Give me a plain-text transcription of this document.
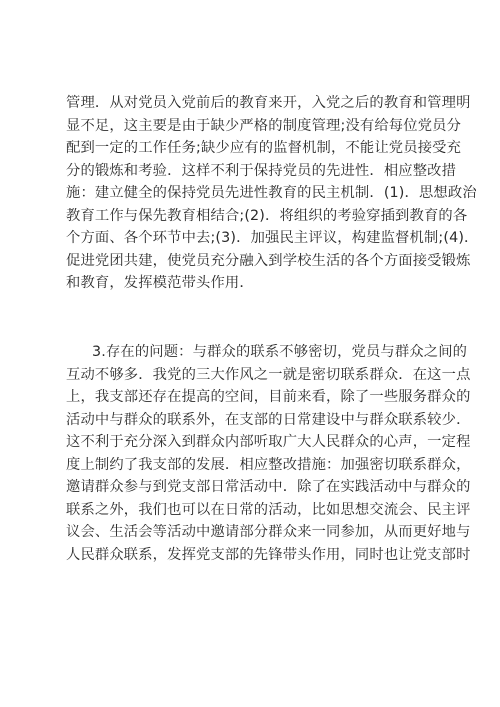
管理．从对党员入党前后的教育来开，入党之后的教育和管理明
显不足，这主要是由于缺少严格的制度管理;没有给每位党员分
配到一定的工作任务;缺少应有的监督机制，不能让党员接受充
分的锻炼和考验．这样不利于保持党员的先进性．相应整改措
施：建立健全的保持党员先进性教育的民主机制．(1)．思想政治
教育工作与保先教育相结合;(2)．将组织的考验穿插到教育的各
个方面、各个环节中去;(3)．加强民主评议，构建监督机制;(4)．
促进党团共建，使党员充分融入到学校生活的各个方面接受锻炼
和教育，发挥模范带头作用．
3.存在的问题：与群众的联系不够密切，党员与群众之间的
互动不够多．我党的三大作风之一就是密切联系群众．在这一点
上，我支部还存在提高的空间，目前来看，除了一些服务群众的
活动中与群众的联系外，在支部的日常建设中与群众联系较少．
这不利于充分深入到群众内部听取广大人民群众的心声，一定程
度上制约了我支部的发展．相应整改措施：加强密切联系群众，
邀请群众参与到党支部日常活动中．除了在实践活动中与群众的
联系之外，我们也可以在日常的活动，比如思想交流会、民主评
议会、生活会等活动中邀请部分群众来一同参加，从而更好地与
人民群众联系，发挥党支部的先锋带头作用，同时也让党支部时
